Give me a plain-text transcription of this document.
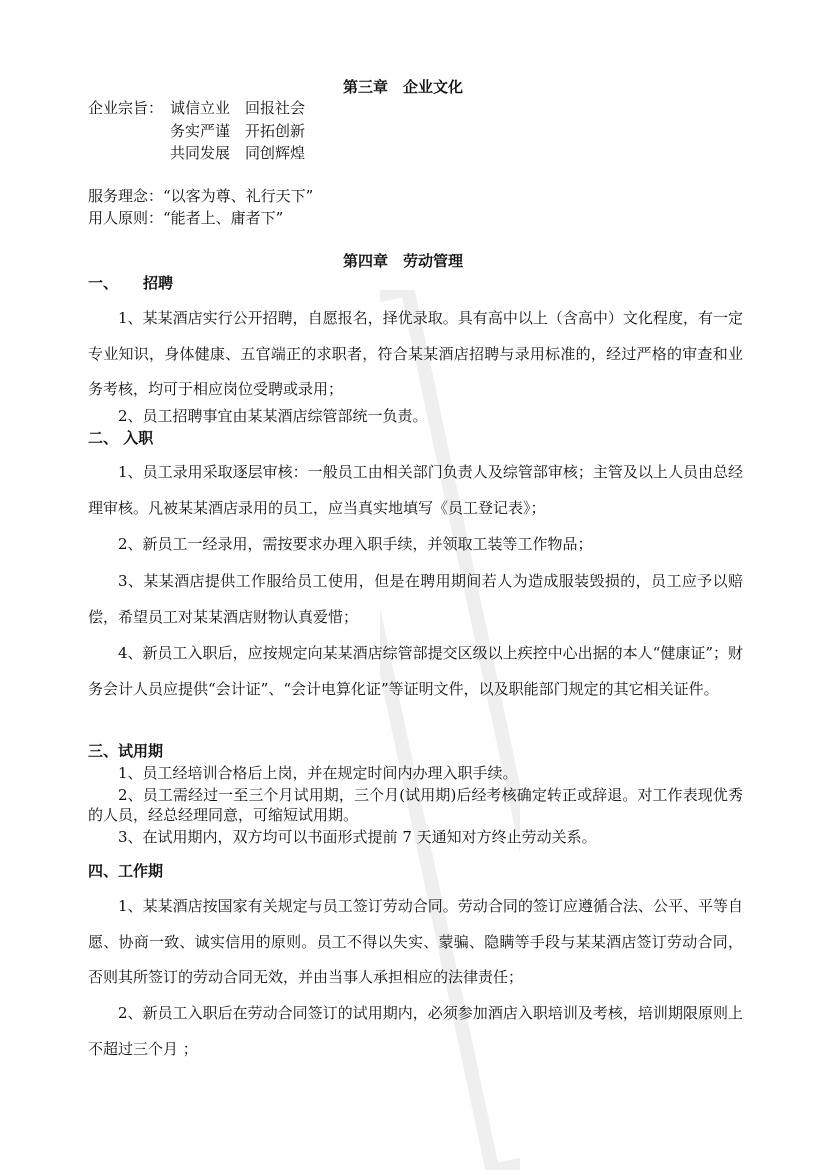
第三章　企业文化
企业宗旨： 诚信立业　回报社会
务实严谨　开拓创新
共同发展　同创辉煌
服务理念：“以客为尊、礼行天下”
用人原则：“能者上、庸者下”
第四章　劳动管理
一、 招聘
1、某某酒店实行公开招聘，自愿报名，择优录取。具有高中以上（含高中）文化程度，有一定专业知识，身体健康、五官端正的求职者，符合某某酒店招聘与录用标准的，经过严格的审查和业务考核，均可于相应岗位受聘或录用；
2、员工招聘事宜由某某酒店综管部统一负责。
二、 入职
1、员工录用采取逐层审核：一般员工由相关部门负责人及综管部审核；主管及以上人员由总经理审核。凡被某某酒店录用的员工，应当真实地填写《员工登记表》；
2、新员工一经录用，需按要求办理入职手续，并领取工装等工作物品；
3、某某酒店提供工作服给员工使用，但是在聘用期间若人为造成服装毁损的，员工应予以赔偿，希望员工对某某酒店财物认真爱惜；
4、新员工入职后，应按规定向某某酒店综管部提交区级以上疾控中心出据的本人“健康证”；财务会计人员应提供“会计证”、“会计电算化证”等证明文件，以及职能部门规定的其它相关证件。
三、试用期
1、员工经培训合格后上岗，并在规定时间内办理入职手续。
2、员工需经过一至三个月试用期，三个月(试用期)后经考核确定转正或辞退。对工作表现优秀的人员，经总经理同意，可缩短试用期。
3、在试用期内，双方均可以书面形式提前 7 天通知对方终止劳动关系。
四、工作期
1、某某酒店按国家有关规定与员工签订劳动合同。劳动合同的签订应遵循合法、公平、平等自愿、协商一致、诚实信用的原则。员工不得以失实、蒙骗、隐瞒等手段与某某酒店签订劳动合同，否则其所签订的劳动合同无效，并由当事人承担相应的法律责任；
2、新员工入职后在劳动合同签订的试用期内，必须参加酒店入职培训及考核，培训期限原则上不超过三个月 ；
